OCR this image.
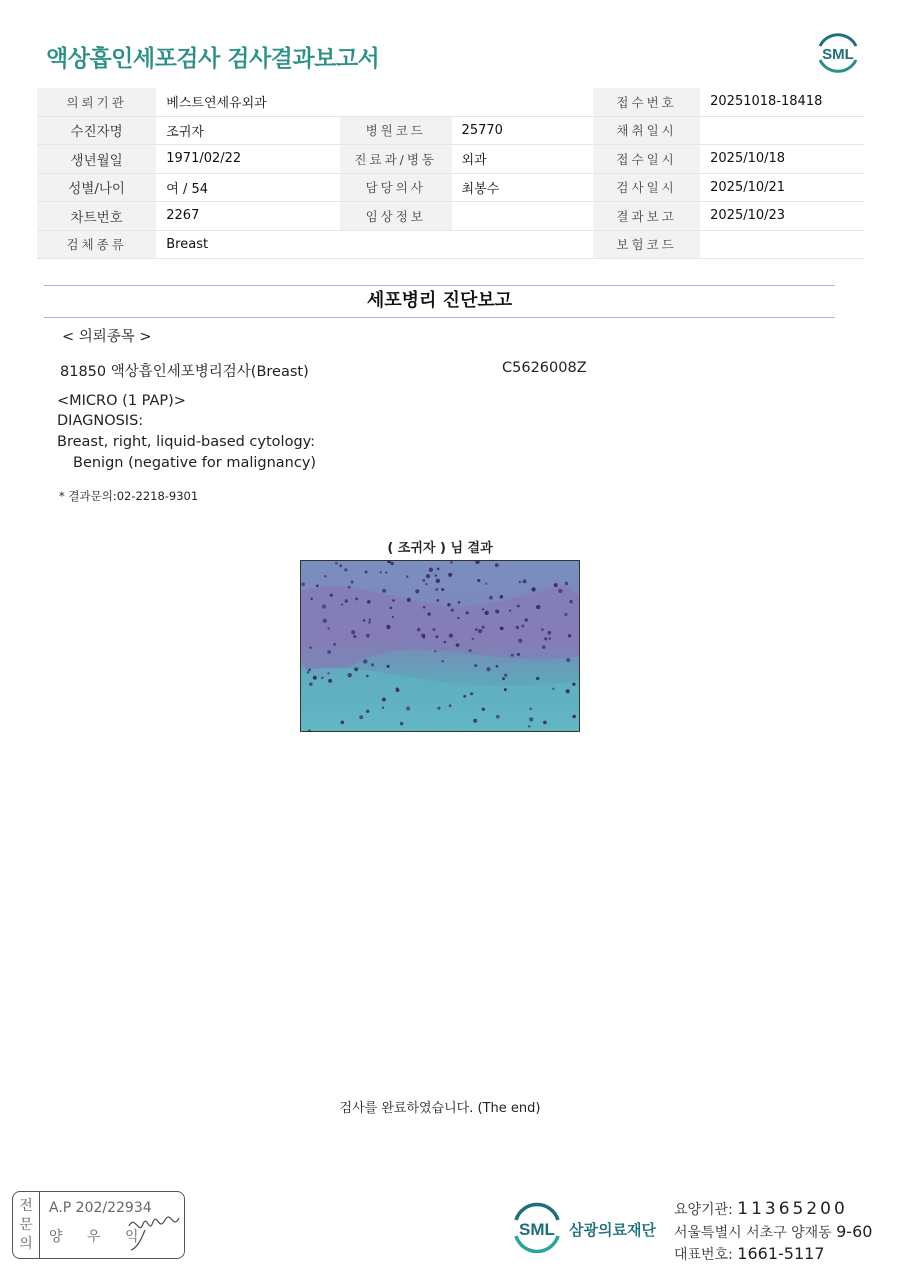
액상흡인세포검사 검사결과보고서	SML
의뢰기관	베스트연세유외과			접수번호	20251018-18418
수진자명	조귀자	병원코드	25770	채취일시	
생년월일	1971/02/22	진료과/병동	외과	접수일시	2025/10/18
성별/나이	여 / 54	담당의사	최봉수	검사일시	2025/10/21
차트번호	2267	임상정보		결과보고	2025/10/23
검체종류	Breast			보험코드	
세포병리 진단보고
< 의뢰종목 >
81850 액상흡인세포병리검사(Breast)	C5626008Z
<MICRO (1 PAP)>
DIAGNOSIS:
Breast, right, liquid-based cytology:
Benign (negative for malignancy)
* 결과문의:02-2218-9301
( 조귀자 ) 님 결과
검사를 완료하였습니다. (The end)
전
문
의
A.P 202/22934
양 우 익	SML 삼광의료재단
요양기관: 11365200
서울특별시 서초구 양재동 9-60
대표번호: 1661-5117
